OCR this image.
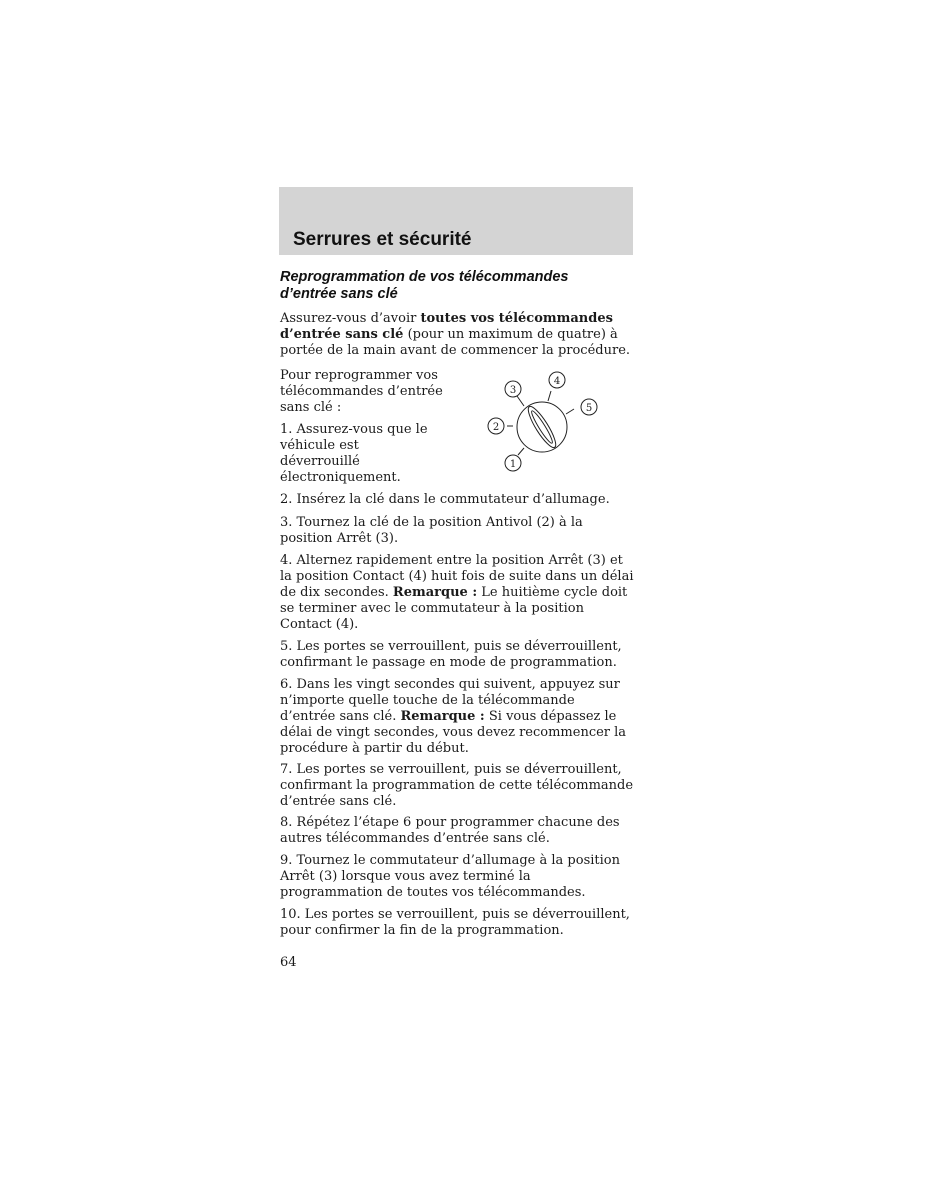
Serrures et sécurité
Reprogrammation de vos télécommandes
d’entrée sans clé

Assurez-vous d’avoir toutes vos télécommandes d’entrée sans clé (pour un maximum de quatre) à portée de la main avant de commencer la procédure.

Pour reprogrammer vos télécommandes d’entrée sans clé :

1. Assurez-vous que le véhicule est déverrouillé électroniquement.

1
2
3
4
5

2. Insérez la clé dans le commutateur d’allumage.

3. Tournez la clé de la position Antivol (2) à la position Arrêt (3).

4. Alternez rapidement entre la position Arrêt (3) et la position Contact (4) huit fois de suite dans un délai de dix secondes. Remarque : Le huitième cycle doit se terminer avec le commutateur à la position Contact (4).

5. Les portes se verrouillent, puis se déverrouillent, confirmant le passage en mode de programmation.

6. Dans les vingt secondes qui suivent, appuyez sur n’importe quelle touche de la télécommande d’entrée sans clé. Remarque : Si vous dépassez le délai de vingt secondes, vous devez recommencer la procédure à partir du début.

7. Les portes se verrouillent, puis se déverrouillent, confirmant la programmation de cette télécommande d’entrée sans clé.

8. Répétez l’étape 6 pour programmer chacune des autres télécommandes d’entrée sans clé.

9. Tournez le commutateur d’allumage à la position Arrêt (3) lorsque vous avez terminé la programmation de toutes vos télécommandes.

10. Les portes se verrouillent, puis se déverrouillent, pour confirmer la fin de la programmation.

64
